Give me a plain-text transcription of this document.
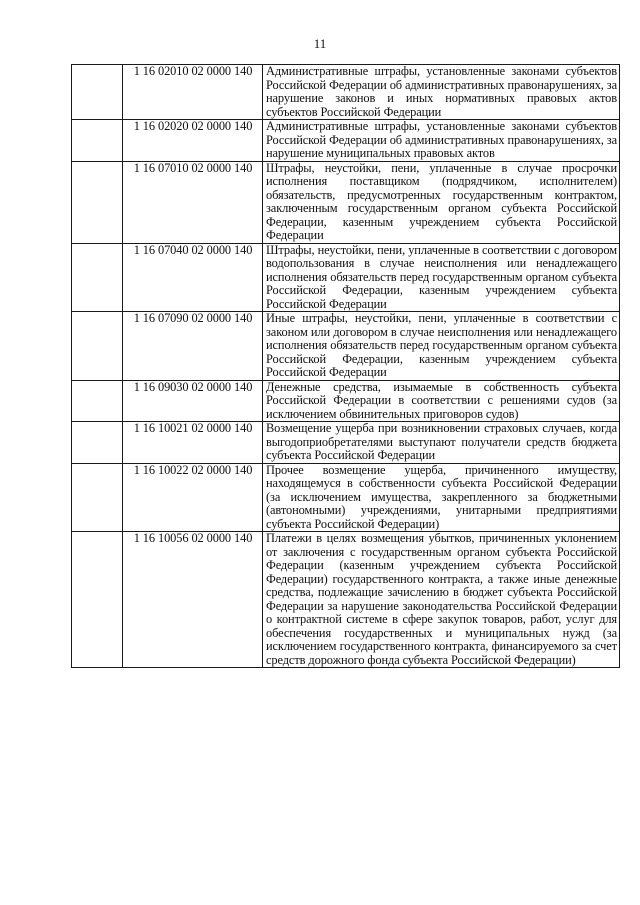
11
	1 16 02010 02 0000 140	Административные штрафы, установленные законами субъектов Российской Федерации об административных правонарушениях, за нарушение законов и иных нормативных правовых актов субъектов Российской Федерации
	1 16 02020 02 0000 140	Административные штрафы, установленные законами субъектов Российской Федерации об административных правонарушениях, за нарушение муниципальных правовых актов
	1 16 07010 02 0000 140	Штрафы, неустойки, пени, уплаченные в случае просрочки исполнения поставщиком (подрядчиком, исполнителем) обязательств, предусмотренных государственным контрактом, заключенным государственным органом субъекта Российской Федерации, казенным учреждением субъекта Российской Федерации
	1 16 07040 02 0000 140	Штрафы, неустойки, пени, уплаченные в соответствии с договором водопользования в случае неисполнения или ненадлежащего исполнения обязательств перед государственным органом субъекта Российской Федерации, казенным учреждением субъекта Российской Федерации
	1 16 07090 02 0000 140	Иные штрафы, неустойки, пени, уплаченные в соответствии с законом или договором в случае неисполнения или ненадлежащего исполнения обязательств перед государственным органом субъекта Российской Федерации, казенным учреждением субъекта Российской Федерации
	1 16 09030 02 0000 140	Денежные средства, изымаемые в собственность субъекта Российской Федерации в соответствии с решениями судов (за исключением обвинительных приговоров судов)
	1 16 10021 02 0000 140	Возмещение ущерба при возникновении страховых случаев, когда выгодоприобретателями выступают получатели средств бюджета субъекта Российской Федерации
	1 16 10022 02 0000 140	Прочее возмещение ущерба, причиненного имуществу, находящемуся в собственности субъекта Российской Федерации (за исключением имущества, закрепленного за бюджетными (автономными) учреждениями, унитарными предприятиями субъекта Российской Федерации)
	1 16 10056 02 0000 140	Платежи в целях возмещения убытков, причиненных уклонением от заключения с государственным органом субъекта Российской Федерации (казенным учреждением субъекта Российской Федерации) государственного контракта, а также иные денежные средства, подлежащие зачислению в бюджет субъекта Российской Федерации за нарушение законодательства Российской Федерации о контрактной системе в сфере закупок товаров, работ, услуг для обеспечения государственных и муниципальных нужд (за исключением государственного контракта, финансируемого за счет средств дорожного фонда субъекта Российской Федерации)
